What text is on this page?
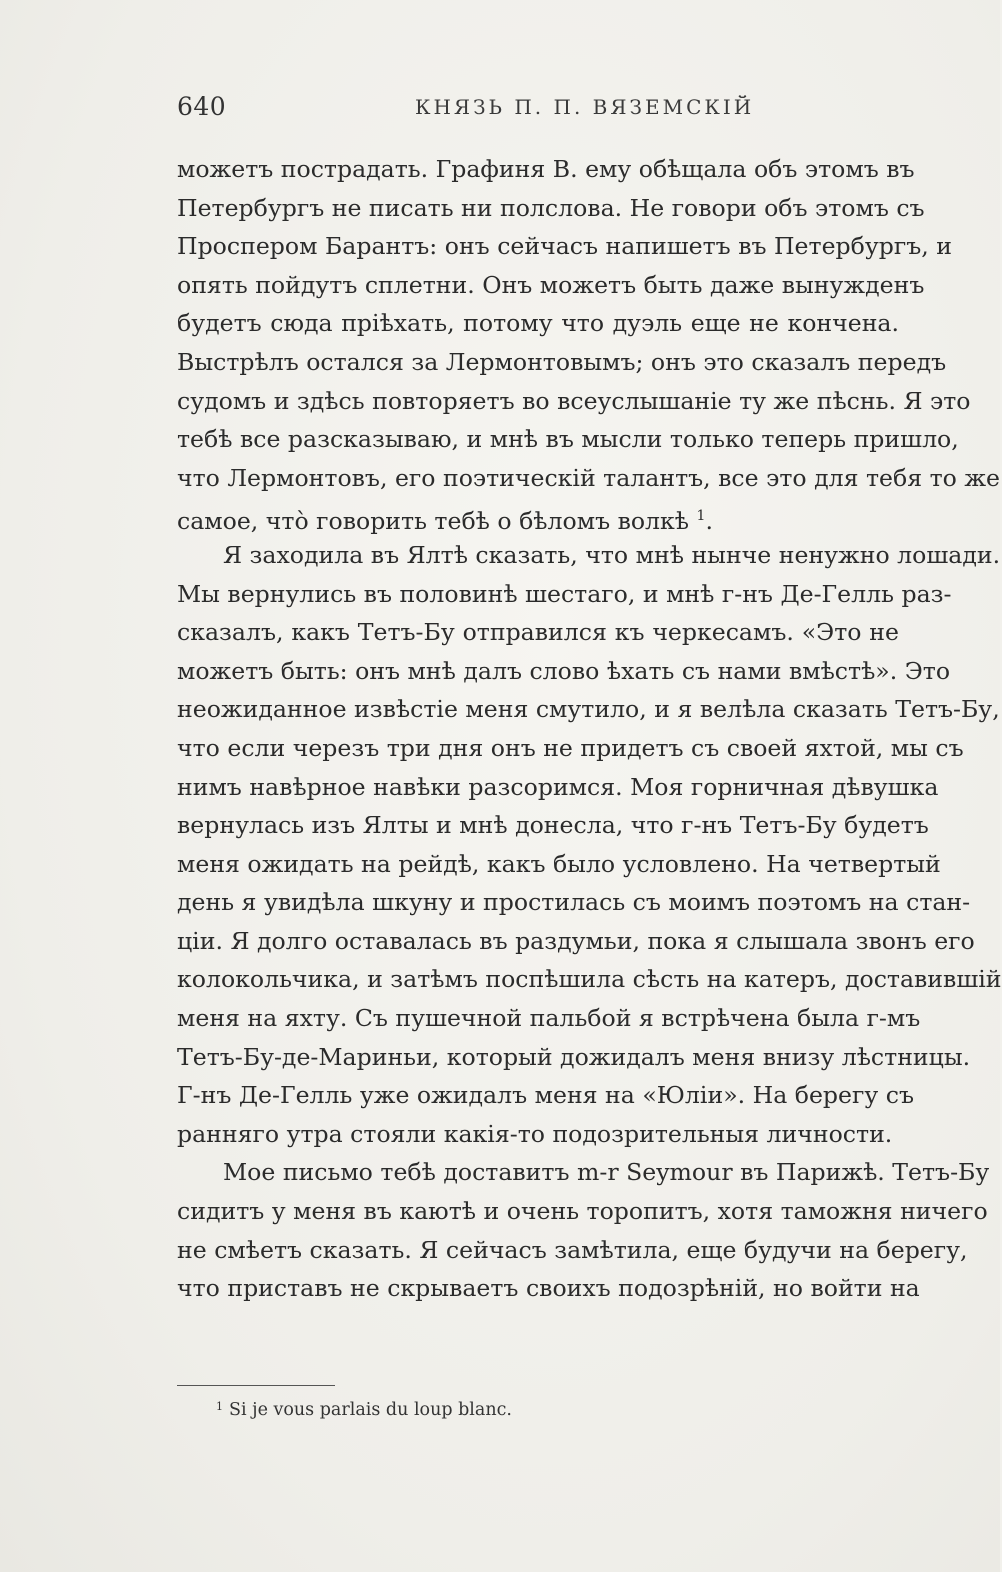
640	КНЯЗЬ П. П. ВЯЗЕМСКІЙ
можетъ пострадать. Графиня В. ему обѣщала объ этомъ въ
Петербургъ не писать ни полслова. Не говори объ этомъ съ
Проспером Барантъ: онъ сейчасъ напишетъ въ Петербургъ, и
опять пойдутъ сплетни. Онъ можетъ быть даже вынужденъ
будетъ сюда пріѣхать, потому что дуэль еще не кончена.
Выстрѣлъ остался за Лермонтовымъ; онъ это сказалъ передъ
судомъ и здѣсь повторяетъ во всеуслышаніе ту же пѣснь. Я это
тебѣ все разсказываю, и мнѣ въ мысли только теперь пришло,
что Лермонтовъ, его поэтическій талантъ, все это для тебя то же
самое, что̀ говорить тебѣ о бѣломъ волкѣ $^1$.
Я заходила въ Ялтѣ сказать, что мнѣ нынче ненужно лошади.
Мы вернулись въ половинѣ шестаго, и мнѣ г-нъ Де-Гелль раз-
сказалъ, какъ Тетъ-Бу отправился къ черкесамъ. «Это не
можетъ быть: онъ мнѣ далъ слово ѣхать съ нами вмѣстѣ». Это
неожиданное извѣстіе меня смутило, и я велѣла сказать Тетъ-Бу,
что если черезъ три дня онъ не придетъ съ своей яхтой, мы съ
нимъ навѣрное навѣки разсоримся. Моя горничная дѣвушка
вернулась изъ Ялты и мнѣ донесла, что г-нъ Тетъ-Бу будетъ
меня ожидать на рейдѣ, какъ было условлено. На четвертый
день я увидѣла шкуну и простилась съ моимъ поэтомъ на стан-
ціи. Я долго оставалась въ раздумьи, пока я слышала звонъ его
колокольчика, и затѣмъ поспѣшила сѣсть на катеръ, доставившій
меня на яхту. Съ пушечной пальбой я встрѣчена была г-мъ
Тетъ-Бу-де-Мариньи, который дожидалъ меня внизу лѣстницы.
Г-нъ Де-Гелль уже ожидалъ меня на «Юліи». На берегу съ
ранняго утра стояли какія-то подозрительныя личности.
Мое письмо тебѣ доставитъ m-r Seymour въ Парижѣ. Тетъ-Бу
сидитъ у меня въ каютѣ и очень торопитъ, хотя таможня ничего
не смѣетъ сказать. Я сейчасъ замѣтила, еще будучи на берегу,
что приставъ не скрываетъ своихъ подозрѣній, но войти на
$^1$ Si je vous parlais du loup blanc.
